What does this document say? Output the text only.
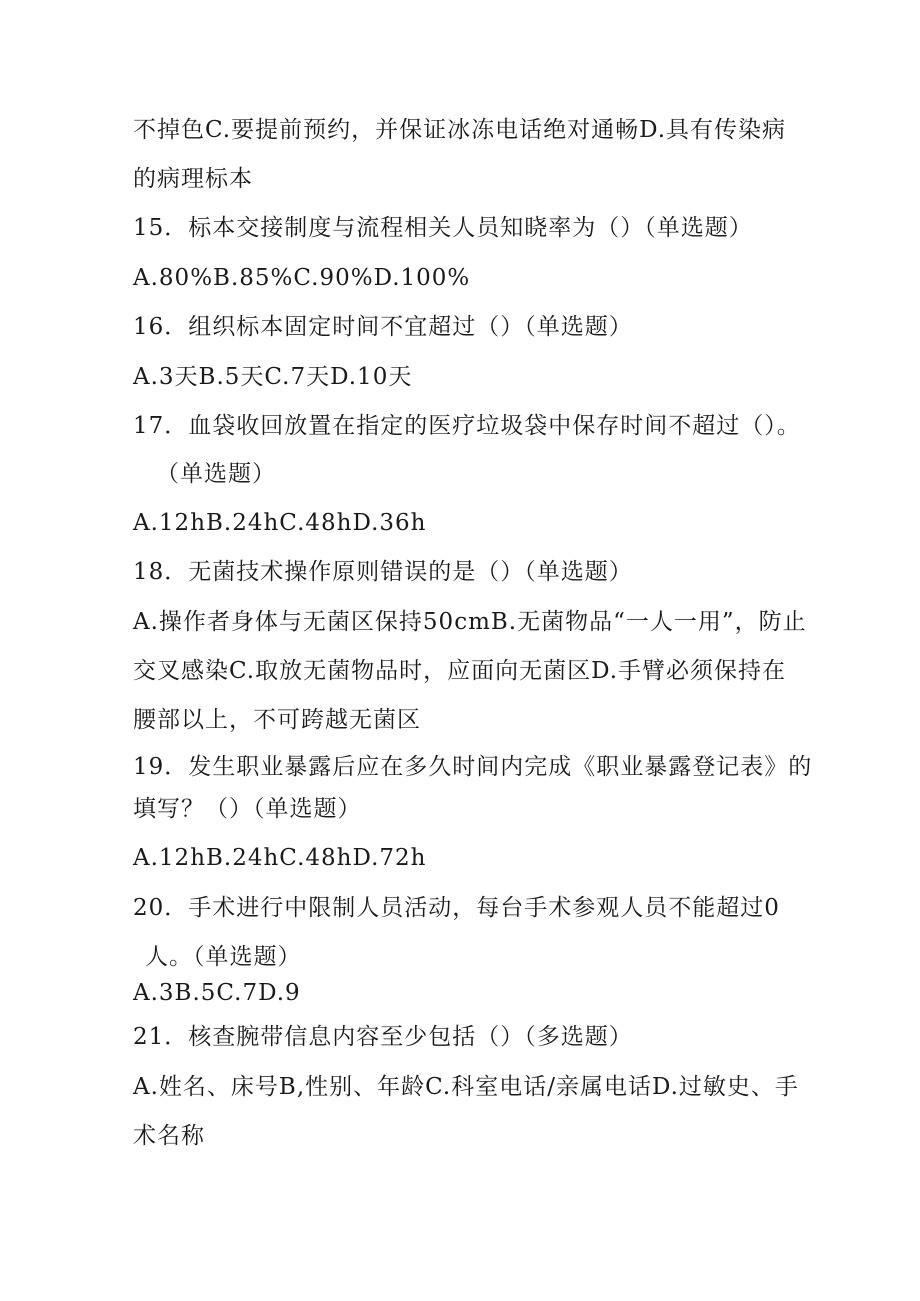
不掉色C.要提前预约，并保证冰冻电话绝对通畅D.具有传染病
的病理标本
15．标本交接制度与流程相关人员知晓率为（）（单选题）
A.80%B.85%C.90%D.100%
16．组织标本固定时间不宜超过（）（单选题）
A.3天B.5天C.7天D.10天
17．血袋收回放置在指定的医疗垃圾袋中保存时间不超过（）。
（单选题）
A.12hB.24hC.48hD.36h
18．无菌技术操作原则错误的是（）（单选题）
A.操作者身体与无菌区保持50cmB.无菌物品“一人一用”，防止
交叉感染C.取放无菌物品时，应面向无菌区D.手臂必须保持在
腰部以上，不可跨越无菌区
19．发生职业暴露后应在多久时间内完成《职业暴露登记表》的
填写？（）（单选题）
A.12hB.24hC.48hD.72h
20．手术进行中限制人员活动，每台手术参观人员不能超过0
人。（单选题）
A.3B.5C.7D.9
21．核查腕带信息内容至少包括（）（多选题）
A.姓名、床号B,性别、年龄C.科室电话/亲属电话D.过敏史、手
术名称
